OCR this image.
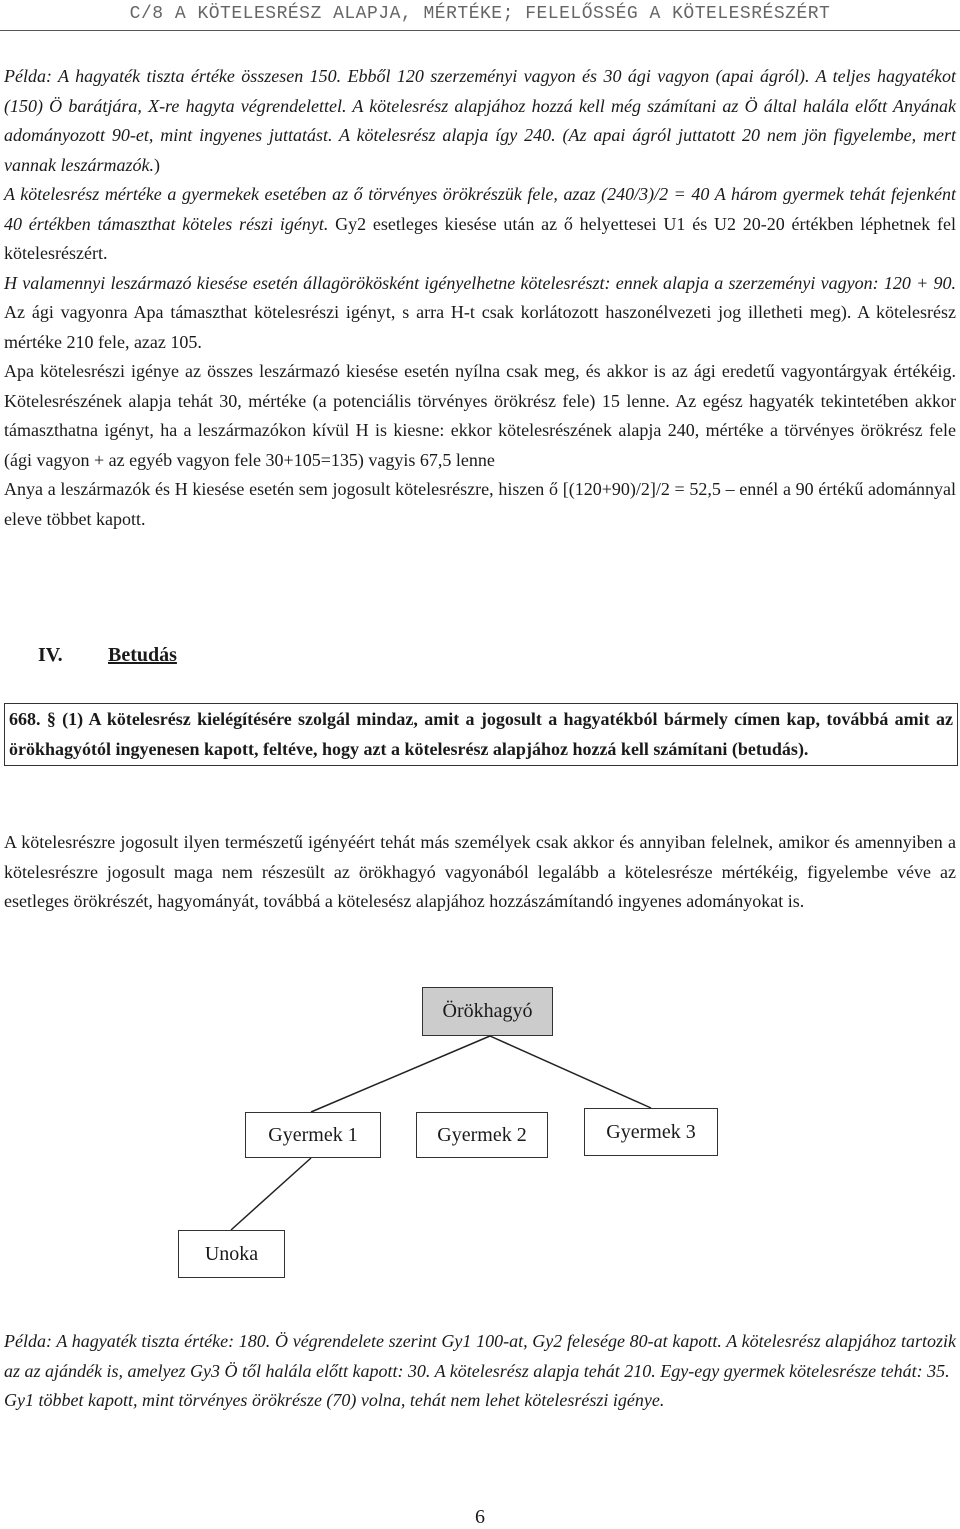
C/8 A KÖTELESRÉSZ ALAPJA, MÉRTÉKE; FELELŐSSÉG A KÖTELESRÉSZÉRT
Példa: A hagyaték tiszta értéke összesen 150. Ebből 120 szerzeményi vagyon és 30 ági vagyon (apai ágról). A teljes hagyatékot (150) Ö barátjára, X-re hagyta végrendelettel. A kötelesrész alapjához hozzá kell még számítani az Ö által halála előtt Anyának adományozott 90-et, mint ingyenes juttatást. A kötelesrész alapja így 240. (Az apai ágról juttatott 20 nem jön figyelembe, mert vannak leszármazók.)
A kötelesrész mértéke a gyermekek esetében az ő törvényes örökrészük fele, azaz (240/3)/2 = 40 A három gyermek tehát fejenként 40 értékben támaszthat köteles részi igényt. Gy2 esetleges kiesése után az ő helyettesei U1 és U2 20-20 értékben léphetnek fel kötelesrészért.
H valamennyi leszármazó kiesése esetén állagörökösként igényelhetne kötelesrészt: ennek alapja a szerzeményi vagyon: 120 + 90. Az ági vagyonra Apa támaszthat kötelesrészi igényt, s arra H-t csak korlátozott haszonélvezeti jog illetheti meg). A kötelesrész mértéke 210 fele, azaz 105.
Apa kötelesrészi igénye az összes leszármazó kiesése esetén nyílna csak meg, és akkor is az ági eredetű vagyontárgyak értékéig. Kötelesrészének alapja tehát 30, mértéke (a potenciális törvényes örökrész fele) 15 lenne. Az egész hagyaték tekintetében akkor támaszthatna igényt, ha a leszármazókon kívül H is kiesne: ekkor kötelesrészének alapja 240, mértéke a törvényes örökrész fele (ági vagyon + az egyéb vagyon fele 30+105=135) vagyis 67,5 lenne
Anya a leszármazók és H kiesése esetén sem jogosult kötelesrészre, hiszen ő [(120+90)/2]/2 = 52,5 – ennél a 90 értékű adománnyal eleve többet kapott.
IV. Betudás
668. § (1) A kötelesrész kielégítésére szolgál mindaz, amit a jogosult a hagyatékból bármely címen kap, továbbá amit az örökhagyótól ingyenesen kapott, feltéve, hogy azt a kötelesrész alapjához hozzá kell számítani (betudás).
A kötelesrészre jogosult ilyen természetű igényéért tehát más személyek csak akkor és annyiban felelnek, amikor és amennyiben a kötelesrészre jogosult maga nem részesült az örökhagyó vagyonából legalább a kötelesrésze mértékéig, figyelembe véve az esetleges örökrészét, hagyományát, továbbá a kötelesész alapjához hozzászámítandó ingyenes adományokat is.
Örökhagyó
Gyermek 1	Gyermek 2	Gyermek 3
Unoka
Példa: A hagyaték tiszta értéke: 180. Ö végrendelete szerint Gy1 100-at, Gy2 felesége 80-at kapott. A kötelesrész alapjához tartozik az az ajándék is, amelyez Gy3 Ö től halála előtt kapott: 30. A kötelesrész alapja tehát 210. Egy-egy gyermek kötelesrésze tehát: 35.
Gy1 többet kapott, mint törvényes örökrésze (70) volna, tehát nem lehet kötelesrészi igénye.
6
